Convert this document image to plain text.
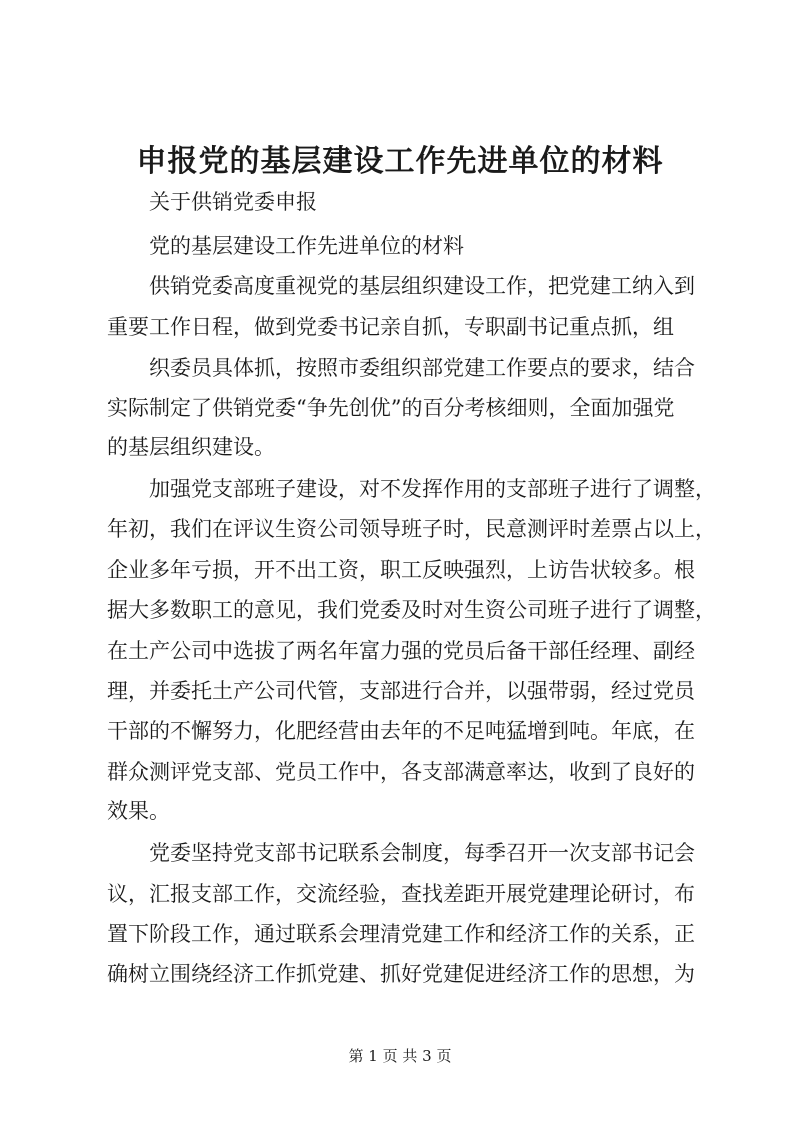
申报党的基层建设工作先进单位的材料
关于供销党委申报
党的基层建设工作先进单位的材料
供销党委高度重视党的基层组织建设工作，把党建工纳入到
重要工作日程，做到党委书记亲自抓，专职副书记重点抓，组
织委员具体抓，按照市委组织部党建工作要点的要求，结合
实际制定了供销党委“争先创优”的百分考核细则，全面加强党
的基层组织建设。
加强党支部班子建设，对不发挥作用的支部班子进行了调整，
年初，我们在评议生资公司领导班子时，民意测评时差票占以上，
企业多年亏损，开不出工资，职工反映强烈，上访告状较多。根
据大多数职工的意见，我们党委及时对生资公司班子进行了调整，
在土产公司中选拔了两名年富力强的党员后备干部任经理、副经
理，并委托土产公司代管，支部进行合并，以强带弱，经过党员
干部的不懈努力，化肥经营由去年的不足吨猛增到吨。年底，在
群众测评党支部、党员工作中，各支部满意率达，收到了良好的
效果。
党委坚持党支部书记联系会制度，每季召开一次支部书记会
议，汇报支部工作，交流经验，查找差距开展党建理论研讨，布
置下阶段工作，通过联系会理清党建工作和经济工作的关系，正
确树立围绕经济工作抓党建、抓好党建促进经济工作的思想，为
第 1 页 共 3 页
